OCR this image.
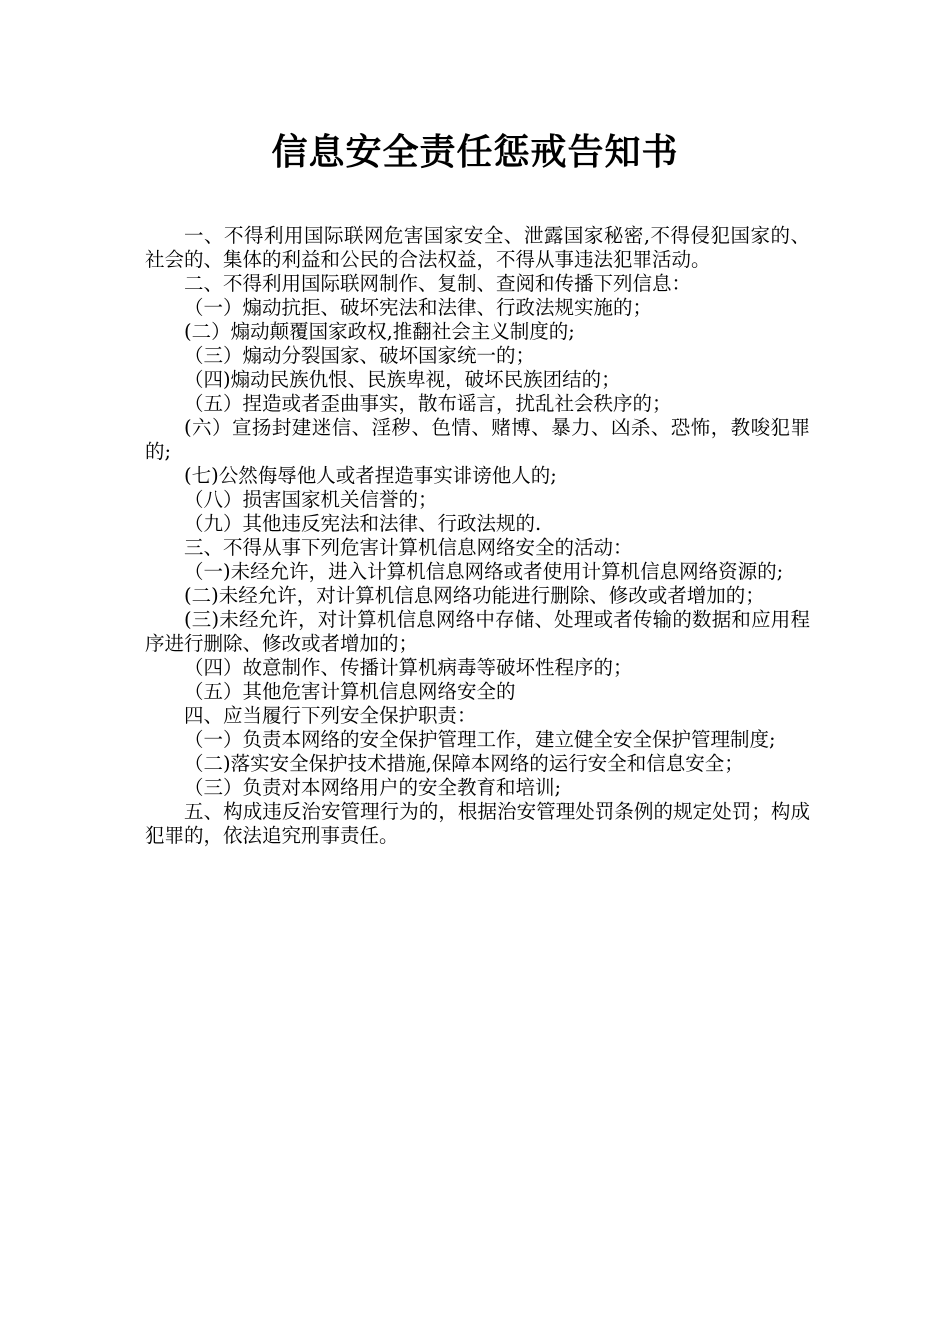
信息安全责任惩戒告知书

一、不得利用国际联网危害国家安全、泄露国家秘密,不得侵犯国家的、社会的、集体的利益和公民的合法权益，不得从事违法犯罪活动。

二、不得利用国际联网制作、复制、查阅和传播下列信息：

（一）煽动抗拒、破坏宪法和法律、行政法规实施的；

(二）煽动颠覆国家政权,推翻社会主义制度的;

（三）煽动分裂国家、破坏国家统一的；

（四)煽动民族仇恨、民族卑视，破坏民族团结的；

（五）捏造或者歪曲事实，散布谣言，扰乱社会秩序的；

(六）宣扬封建迷信、淫秽、色情、赌博、暴力、凶杀、恐怖，教唆犯罪的;

(七)公然侮辱他人或者捏造事实诽谤他人的;

（八）损害国家机关信誉的；

（九）其他违反宪法和法律、行政法规的.

三、不得从事下列危害计算机信息网络安全的活动：

（一)未经允许，进入计算机信息网络或者使用计算机信息网络资源的;

(二)未经允许，对计算机信息网络功能进行删除、修改或者增加的；

(三)未经允许，对计算机信息网络中存储、处理或者传输的数据和应用程序进行删除、修改或者增加的；

（四）故意制作、传播计算机病毒等破坏性程序的；

（五）其他危害计算机信息网络安全的

四、应当履行下列安全保护职责：

（一）负责本网络的安全保护管理工作，建立健全安全保护管理制度;

（二)落实安全保护技术措施,保障本网络的运行安全和信息安全；

（三）负责对本网络用户的安全教育和培训;

五、构成违反治安管理行为的，根据治安管理处罚条例的规定处罚；构成犯罪的，依法追究刑事责任。
